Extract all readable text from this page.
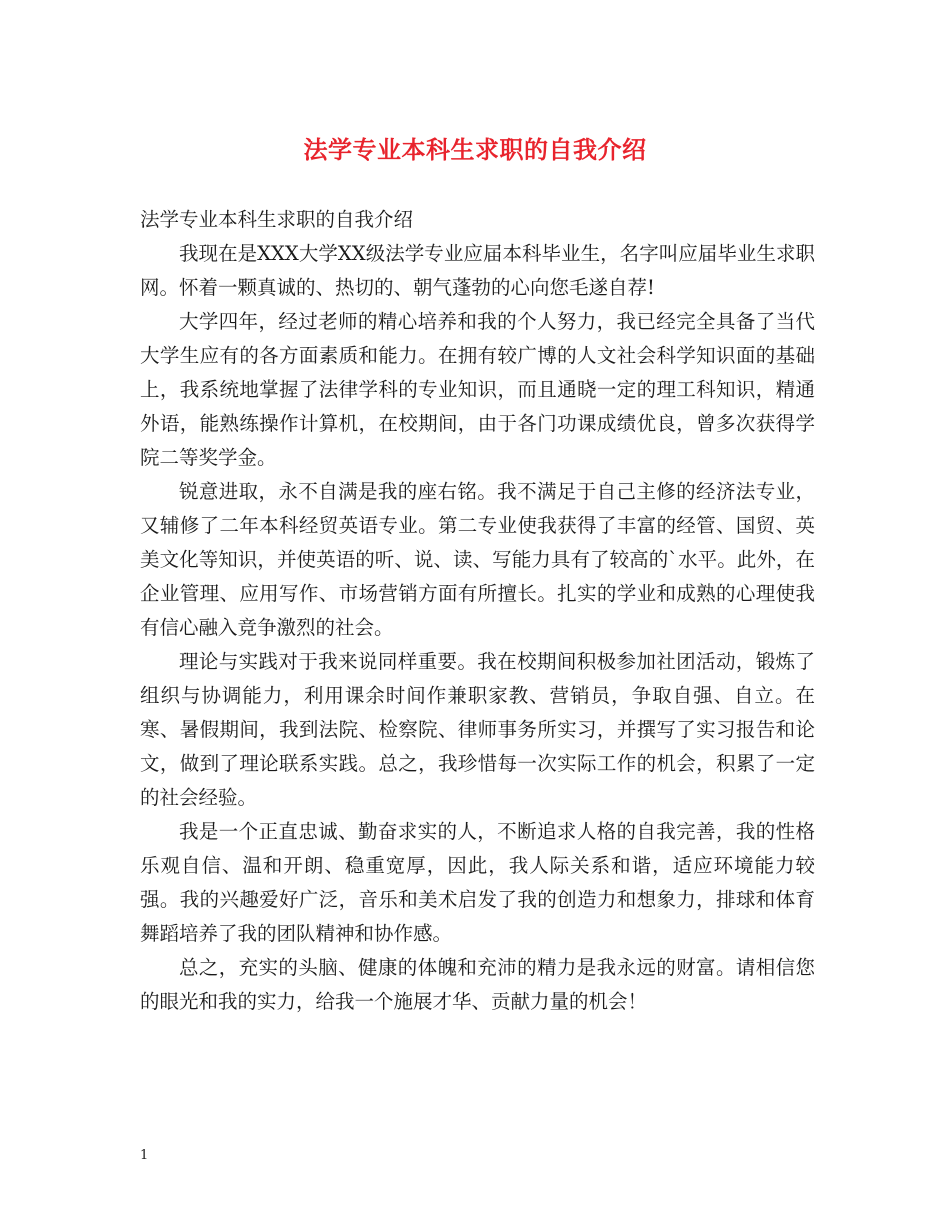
法学专业本科生求职的自我介绍

法学专业本科生求职的自我介绍

我现在是XXX大学XX级法学专业应届本科毕业生，名字叫应届毕业生求职网。怀着一颗真诚的、热切的、朝气蓬勃的心向您毛遂自荐!

大学四年，经过老师的精心培养和我的个人努力，我已经完全具备了当代大学生应有的各方面素质和能力。在拥有较广博的人文社会科学知识面的基础上，我系统地掌握了法律学科的专业知识，而且通晓一定的理工科知识，精通外语，能熟练操作计算机，在校期间，由于各门功课成绩优良，曾多次获得学院二等奖学金。

锐意进取，永不自满是我的座右铭。我不满足于自己主修的经济法专业，又辅修了二年本科经贸英语专业。第二专业使我获得了丰富的经管、国贸、英美文化等知识，并使英语的听、说、读、写能力具有了较高的`水平。此外，在企业管理、应用写作、市场营销方面有所擅长。扎实的学业和成熟的心理使我有信心融入竞争激烈的社会。

理论与实践对于我来说同样重要。我在校期间积极参加社团活动，锻炼了组织与协调能力，利用课余时间作兼职家教、营销员，争取自强、自立。在寒、暑假期间，我到法院、检察院、律师事务所实习，并撰写了实习报告和论文，做到了理论联系实践。总之，我珍惜每一次实际工作的机会，积累了一定的社会经验。

我是一个正直忠诚、勤奋求实的人，不断追求人格的自我完善，我的性格乐观自信、温和开朗、稳重宽厚，因此，我人际关系和谐，适应环境能力较强。我的兴趣爱好广泛，音乐和美术启发了我的创造力和想象力，排球和体育舞蹈培养了我的团队精神和协作感。

总之，充实的头脑、健康的体魄和充沛的精力是我永远的财富。请相信您的眼光和我的实力，给我一个施展才华、贡献力量的机会！

1
